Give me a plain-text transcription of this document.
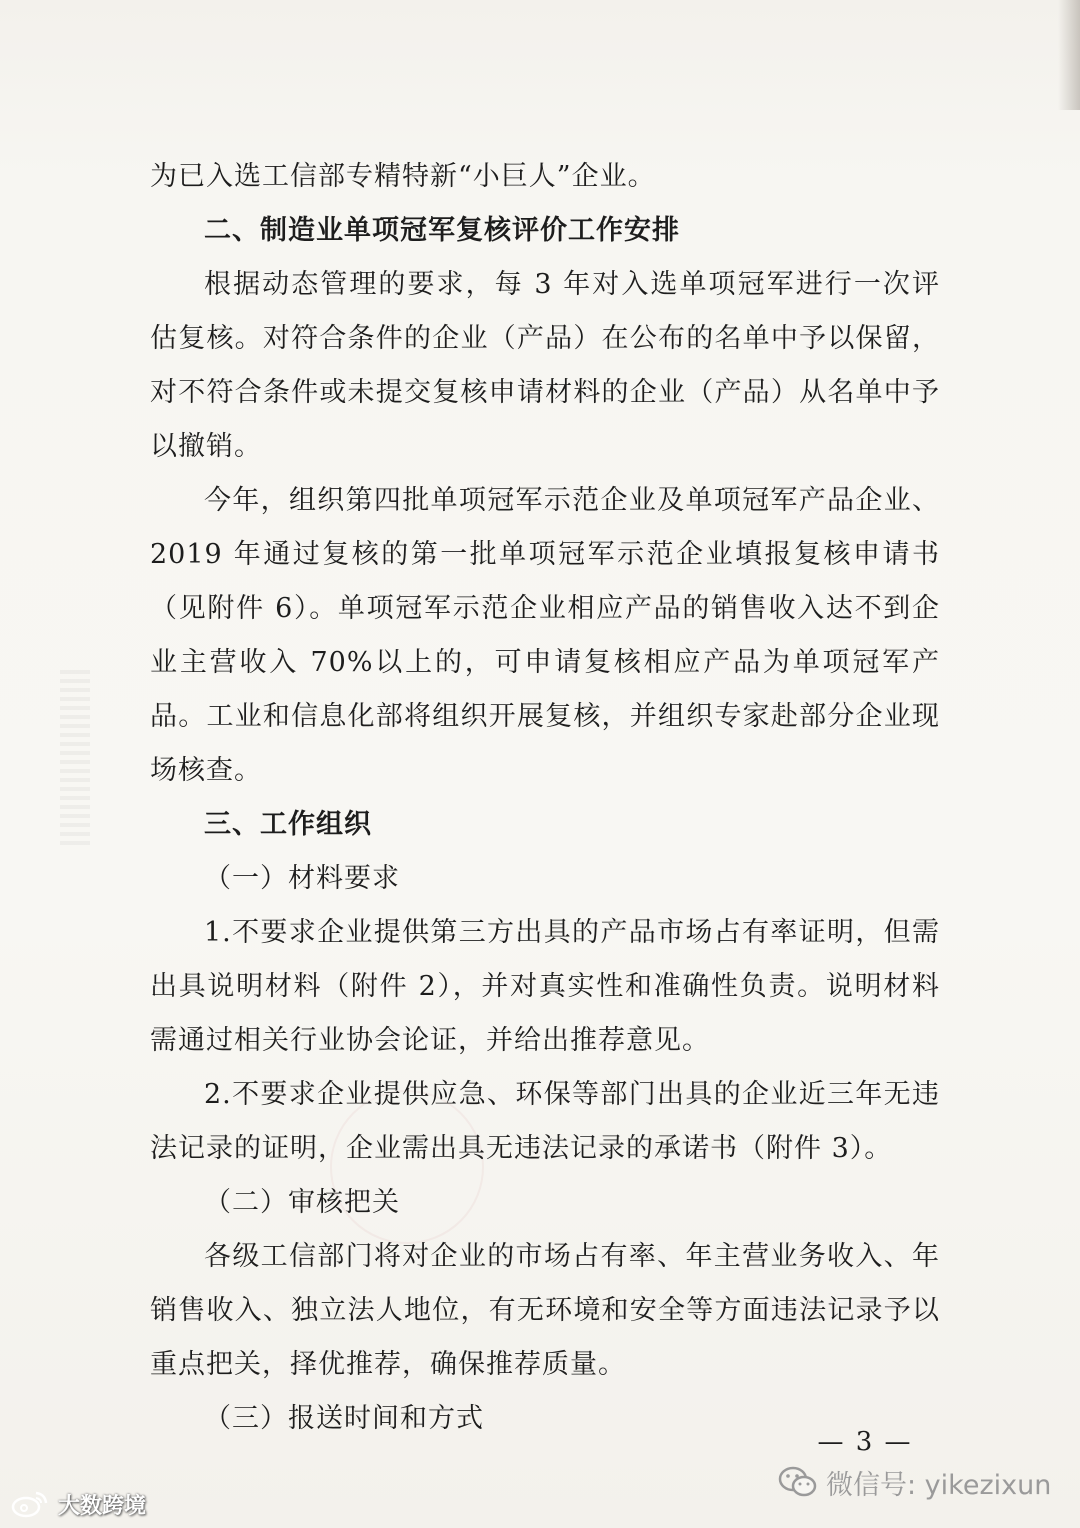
为已入选工信部专精特新“小巨人”企业。

二、制造业单项冠军复核评价工作安排

根据动态管理的要求，每 3 年对入选单项冠军进行一次评估复核。对符合条件的企业（产品）在公布的名单中予以保留，对不符合条件或未提交复核申请材料的企业（产品）从名单中予以撤销。

今年，组织第四批单项冠军示范企业及单项冠军产品企业、2019 年通过复核的第一批单项冠军示范企业填报复核申请书（见附件 6）。单项冠军示范企业相应产品的销售收入达不到企业主营收入 70%以上的，可申请复核相应产品为单项冠军产品。工业和信息化部将组织开展复核，并组织专家赴部分企业现场核查。

三、工作组织

（一）材料要求

1.不要求企业提供第三方出具的产品市场占有率证明，但需出具说明材料（附件 2），并对真实性和准确性负责。说明材料需通过相关行业协会论证，并给出推荐意见。

2.不要求企业提供应急、环保等部门出具的企业近三年无违法记录的证明，企业需出具无违法记录的承诺书（附件 3）。

（二）审核把关

各级工信部门将对企业的市场占有率、年主营业务收入、年销售收入、独立法人地位，有无环境和安全等方面违法记录予以重点把关，择优推荐，确保推荐质量。

（三）报送时间和方式

— 3 —
微信号: yikezixun
大数跨境
